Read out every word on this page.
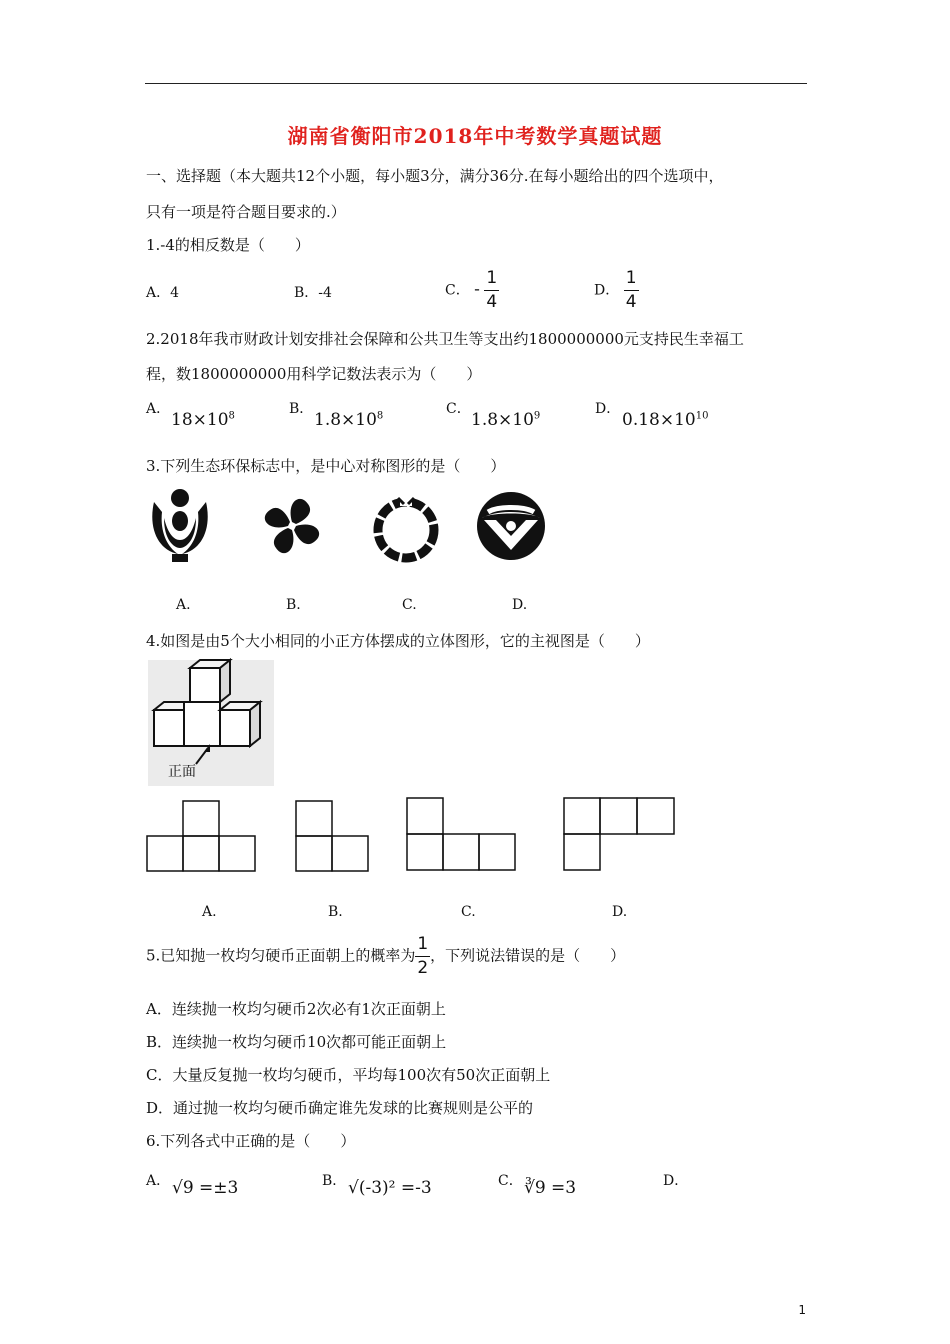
湖南省衡阳市2018年中考数学真题试题
一、选择题（本大题共12个小题，每小题3分，满分36分.在每小题给出的四个选项中，
只有一项是符合题目要求的.）
1.-4的相反数是（　　）
A．4	B．-4	C． - $\frac{1}{4}$	D． $\frac{1}{4}$
2.2018年我市财政计划安排社会保障和公共卫生等支出约1800000000元支持民生幸福工
程，数1800000000用科学记数法表示为（　　）
A．
$18\times 10^8$	B．
$1.8\times 10^8$	C．
$1.8\times 10^9$	D．
$0.18\times 10^{10}$
3.下列生态环保标志中，是中心对称图形的是（　　）
A.	B.	C.	D.
4.如图是由5个大小相同的小正方体摆成的立体图形，它的主视图是（　　）
正面
A.	B.	C.	D.
5.已知抛一枚均匀硬币正面朝上的概率为 $\frac{1}{2}$ ，下列说法错误的是（　　）
A．连续抛一枚均匀硬币2次必有1次正面朝上
B．连续抛一枚均匀硬币10次都可能正面朝上
C．大量反复抛一枚均匀硬币，平均每100次有50次正面朝上
D．通过抛一枚均匀硬币确定谁先发球的比赛规则是公平的
6.下列各式中正确的是（　　）
A． √9 =±3	B． √(-3)² =-3	C． ∛9 =3	D．
1
